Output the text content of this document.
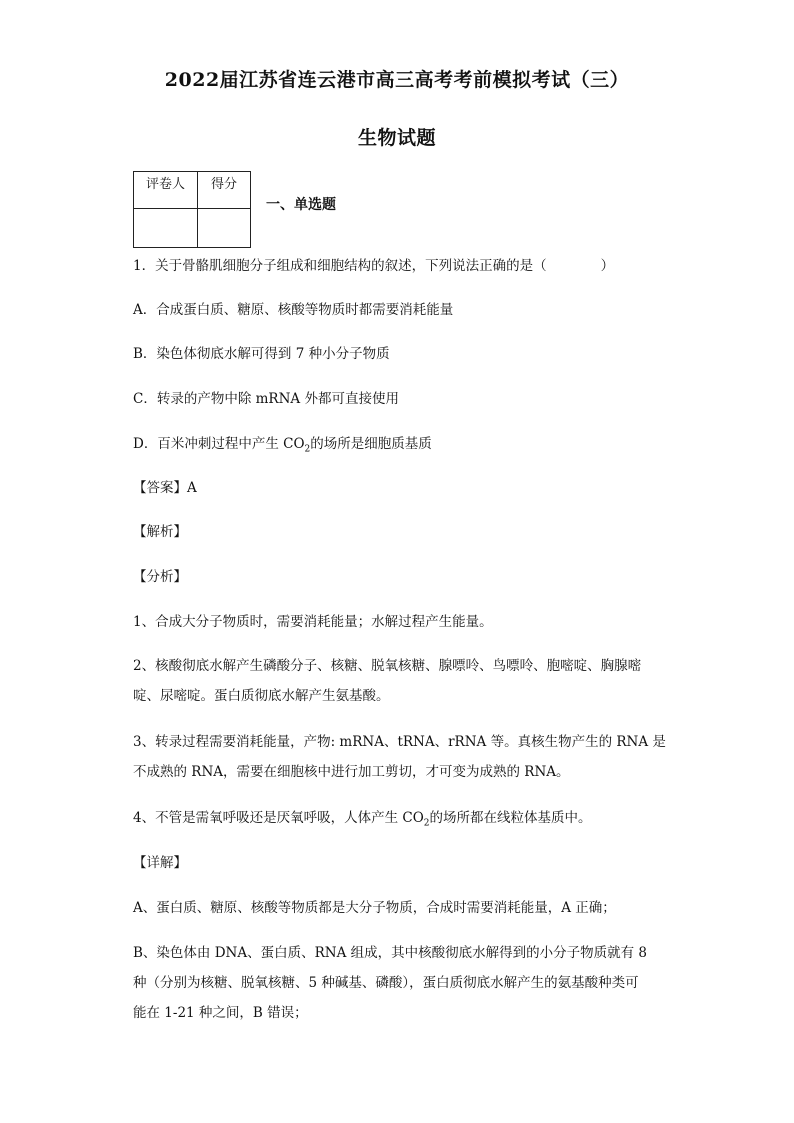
2022届江苏省连云港市高三高考考前模拟考试（三）
生物试题
评卷人	得分

一、单选题
1．关于骨骼肌细胞分子组成和细胞结构的叙述，下列说法正确的是（　　　　）
A．合成蛋白质、糖原、核酸等物质时都需要消耗能量
B．染色体彻底水解可得到 7 种小分子物质
C．转录的产物中除 mRNA 外都可直接使用
D．百米冲刺过程中产生 $CO_2$的场所是细胞质基质
【答案】A
【解析】
【分析】
1、合成大分子物质时，需要消耗能量；水解过程产生能量。
2、核酸彻底水解产生磷酸分子、核糖、脱氧核糖、腺嘌呤、鸟嘌呤、胞嘧啶、胸腺嘧
啶、尿嘧啶。蛋白质彻底水解产生氨基酸。
3、转录过程需要消耗能量，产物: mRNA、tRNA、rRNA 等。真核生物产生的 RNA 是
不成熟的 RNA，需要在细胞核中进行加工剪切，才可变为成熟的 RNA。
4、不管是需氧呼吸还是厌氧呼吸，人体产生 $CO_2$的场所都在线粒体基质中。
【详解】
A、蛋白质、糖原、核酸等物质都是大分子物质，合成时需要消耗能量，A 正确；
B、染色体由 DNA、蛋白质、RNA 组成，其中核酸彻底水解得到的小分子物质就有 8
种（分别为核糖、脱氧核糖、5 种碱基、磷酸），蛋白质彻底水解产生的氨基酸种类可
能在 1-21 种之间，B 错误；
